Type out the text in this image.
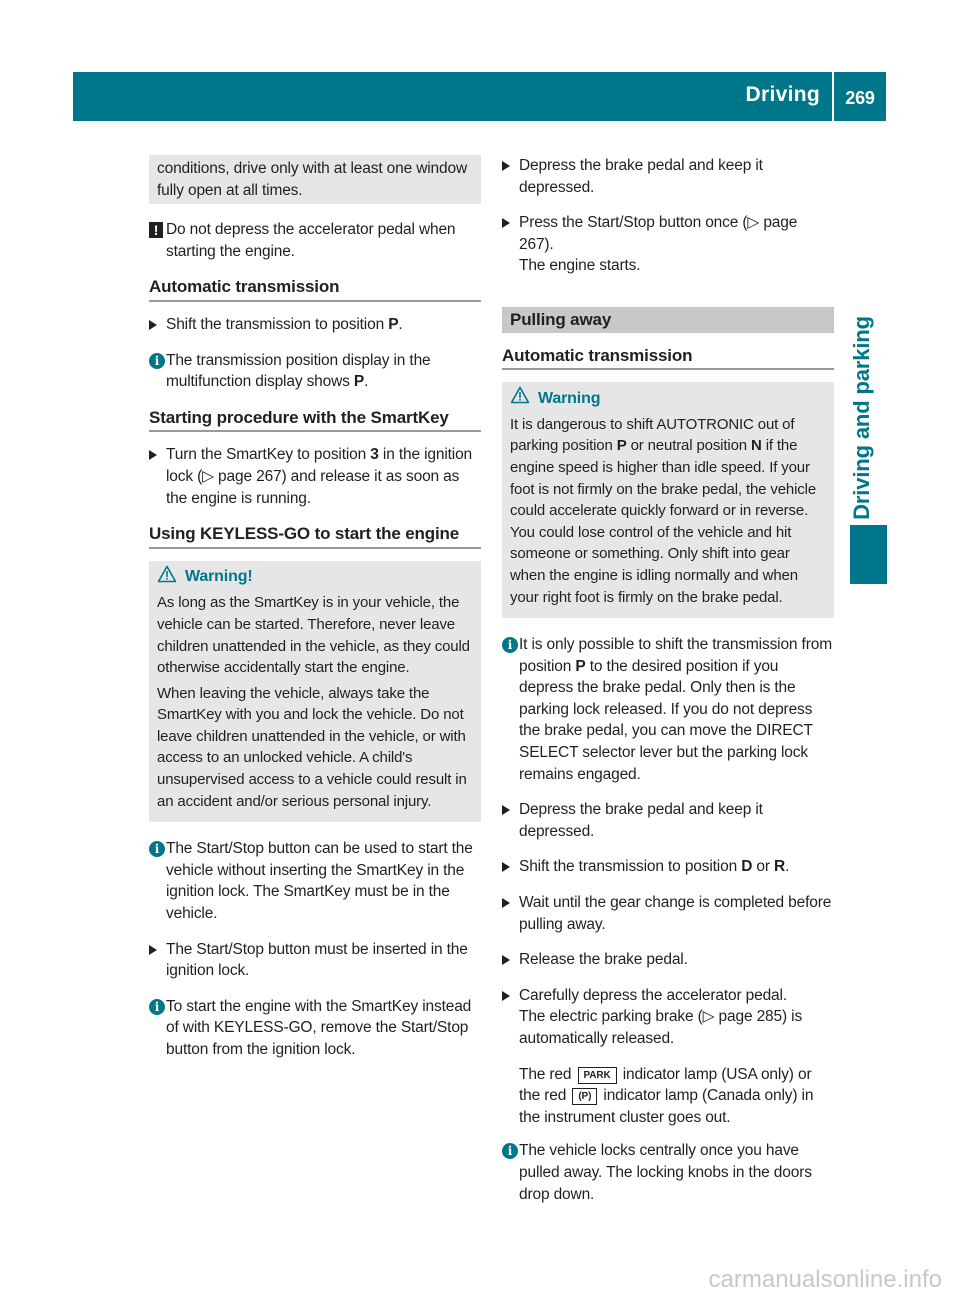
Driving	269
Driving and parking
conditions, drive only with at least one window fully open at all times.
! Do not depress the accelerator pedal when starting the engine.
Automatic transmission
Shift the transmission to position P.
i The transmission position display in the multifunction display shows P.
Starting procedure with the SmartKey
Turn the SmartKey to position 3 in the ignition lock (▷ page 267) and release it as soon as the engine is running.
Using KEYLESS-GO to start the engine
Warning!

As long as the SmartKey is in your vehicle, the vehicle can be started. Therefore, never leave children unattended in the vehicle, as they could otherwise accidentally start the engine.

When leaving the vehicle, always take the SmartKey with you and lock the vehicle. Do not leave children unattended in the vehicle, or with access to an unlocked vehicle. A child's unsupervised access to a vehicle could result in an accident and/or serious personal injury.

i The Start/Stop button can be used to start the vehicle without inserting the SmartKey in the ignition lock. The SmartKey must be in the vehicle.
The Start/Stop button must be inserted in the ignition lock.
i To start the engine with the SmartKey instead of with KEYLESS-GO, remove the Start/Stop button from the ignition lock.
Depress the brake pedal and keep it depressed.
Press the Start/Stop button once (▷ page 267).
The engine starts.
Pulling away
Automatic transmission
Warning

It is dangerous to shift AUTOTRONIC out of parking position P or neutral position N if the engine speed is higher than idle speed. If your foot is not firmly on the brake pedal, the vehicle could accelerate quickly forward or in reverse. You could lose control of the vehicle and hit someone or something. Only shift into gear when the engine is idling normally and when your right foot is firmly on the brake pedal.

i It is only possible to shift the transmission from position P to the desired position if you depress the brake pedal. Only then is the parking lock released. If you do not depress the brake pedal, you can move the DIRECT SELECT selector lever but the parking lock remains engaged.
Depress the brake pedal and keep it depressed.
Shift the transmission to position D or R.
Wait until the gear change is completed before pulling away.
Release the brake pedal.
Carefully depress the accelerator pedal.
The electric parking brake (▷ page 285) is automatically released.
The red PARK indicator lamp (USA only) or the red (P) indicator lamp (Canada only) in the instrument cluster goes out.
i The vehicle locks centrally once you have pulled away. The locking knobs in the doors drop down.
carmanualsonline.info
